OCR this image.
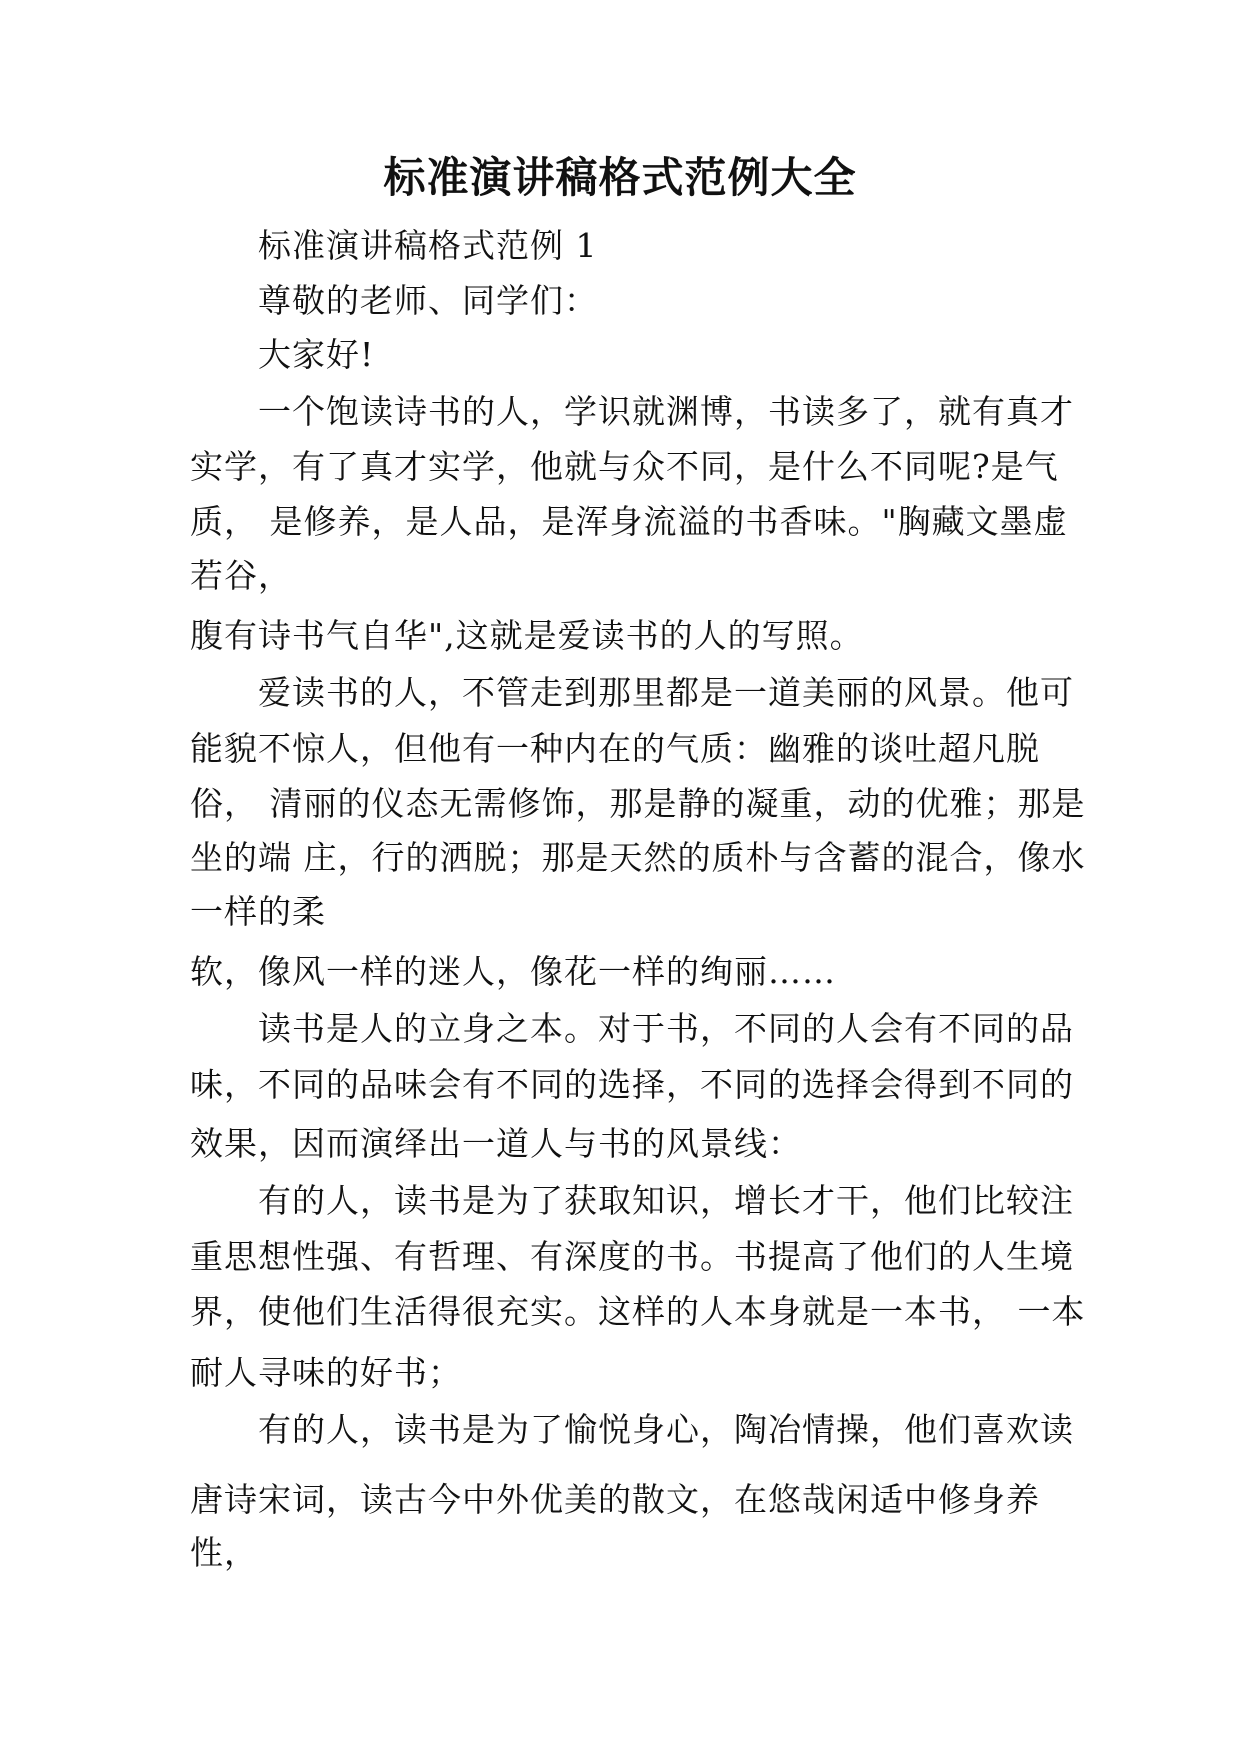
标准演讲稿格式范例大全
标准演讲稿格式范例 1
尊敬的老师、同学们：
大家好!
一个饱读诗书的人，学识就渊博，书读多了，就有真才
实学，有了真才实学，他就与众不同，是什么不同呢?是气
质， 是修养，是人品，是浑身流溢的书香味。"胸藏文墨虚
若谷，
腹有诗书气自华",这就是爱读书的人的写照。
爱读书的人，不管走到那里都是一道美丽的风景。他可
能貌不惊人，但他有一种内在的气质：幽雅的谈吐超凡脱
俗， 清丽的仪态无需修饰，那是静的凝重，动的优雅；那是
坐的端 庄，行的洒脱；那是天然的质朴与含蓄的混合，像水
一样的柔
软，像风一样的迷人，像花一样的绚丽……
读书是人的立身之本。对于书，不同的人会有不同的品
味，不同的品味会有不同的选择，不同的选择会得到不同的
效果，因而演绎出一道人与书的风景线：
有的人，读书是为了获取知识，增长才干，他们比较注
重思想性强、有哲理、有深度的书。书提高了他们的人生境
界，使他们生活得很充实。这样的人本身就是一本书， 一本
耐人寻味的好书；
有的人，读书是为了愉悦身心，陶冶情操，他们喜欢读
唐诗宋词，读古今中外优美的散文，在悠哉闲适中修身养
性，
